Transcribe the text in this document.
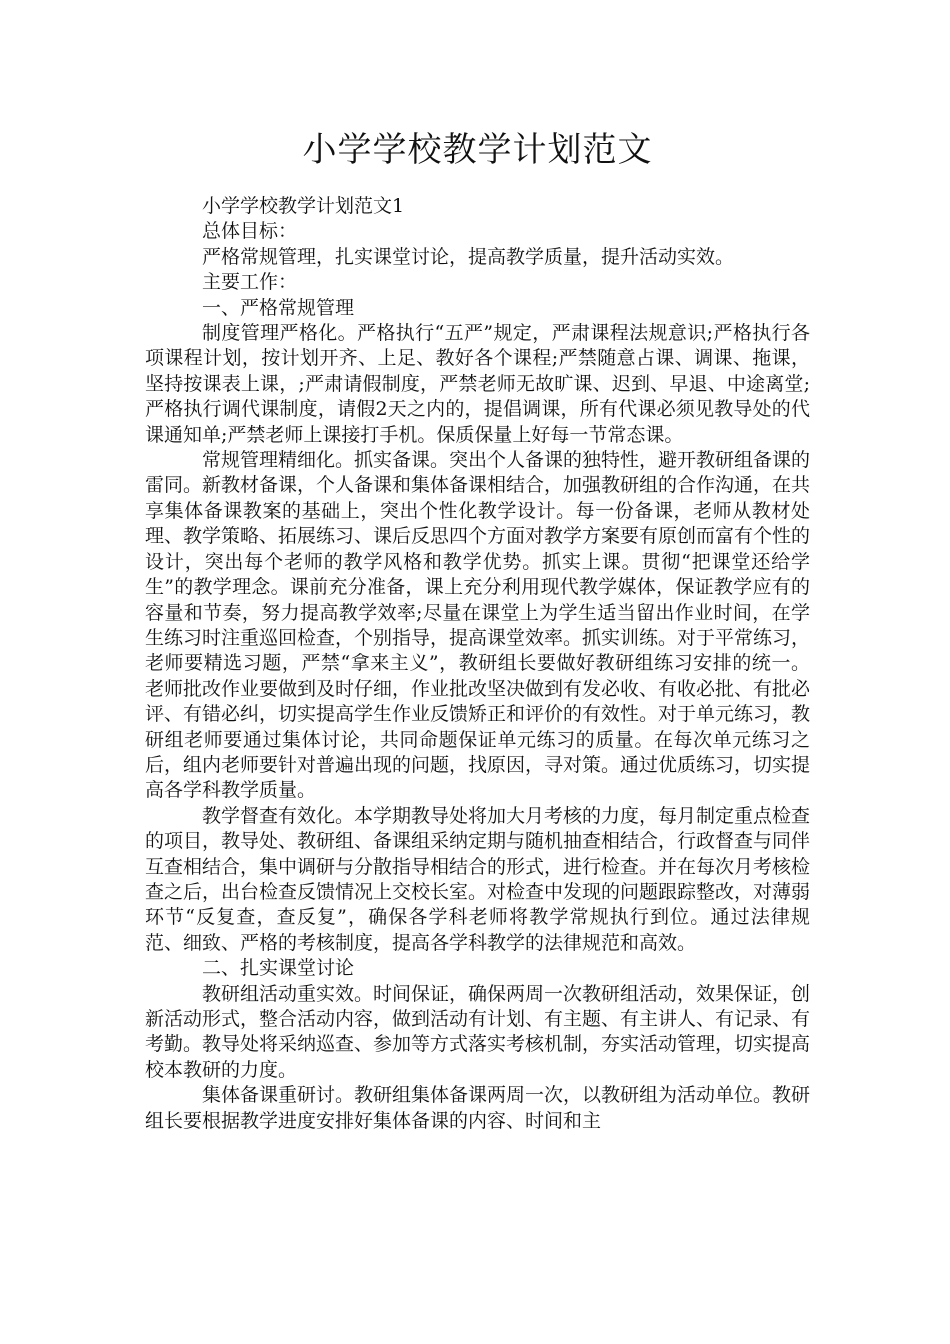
小学学校教学计划范文

小学学校教学计划范文1

总体目标：

严格常规管理，扎实课堂讨论，提高教学质量，提升活动实效。

主要工作：

一、严格常规管理

制度管理严格化。严格执行“五严”规定，严肃课程法规意识;严格执行各项课程计划，按计划开齐、上足、教好各个课程;严禁随意占课、调课、拖课，坚持按课表上课，;严肃请假制度，严禁老师无故旷课、迟到、早退、中途离堂;严格执行调代课制度，请假2天之内的，提倡调课，所有代课必须见教导处的代课通知单;严禁老师上课接打手机。保质保量上好每一节常态课。

常规管理精细化。抓实备课。突出个人备课的独特性，避开教研组备课的雷同。新教材备课，个人备课和集体备课相结合，加强教研组的合作沟通，在共享集体备课教案的基础上，突出个性化教学设计。每一份备课，老师从教材处理、教学策略、拓展练习、课后反思四个方面对教学方案要有原创而富有个性的设计，突出每个老师的教学风格和教学优势。抓实上课。贯彻“把课堂还给学生”的教学理念。课前充分准备，课上充分利用现代教学媒体，保证教学应有的容量和节奏，努力提高教学效率;尽量在课堂上为学生适当留出作业时间，在学生练习时注重巡回检查，个别指导，提高课堂效率。抓实训练。对于平常练习，老师要精选习题，严禁“拿来主义”，教研组长要做好教研组练习安排的统一。老师批改作业要做到及时仔细，作业批改坚决做到有发必收、有收必批、有批必评、有错必纠，切实提高学生作业反馈矫正和评价的有效性。对于单元练习，教研组老师要通过集体讨论，共同命题保证单元练习的质量。在每次单元练习之后，组内老师要针对普遍出现的问题，找原因，寻对策。通过优质练习，切实提高各学科教学质量。

教学督查有效化。本学期教导处将加大月考核的力度，每月制定重点检查的项目，教导处、教研组、备课组采纳定期与随机抽查相结合，行政督查与同伴互查相结合，集中调研与分散指导相结合的形式，进行检查。并在每次月考核检查之后，出台检查反馈情况上交校长室。对检查中发现的问题跟踪整改，对薄弱环节“反复查，查反复”，确保各学科老师将教学常规执行到位。通过法律规范、细致、严格的考核制度，提高各学科教学的法律规范和高效。

二、扎实课堂讨论

教研组活动重实效。时间保证，确保两周一次教研组活动，效果保证，创新活动形式，整合活动内容，做到活动有计划、有主题、有主讲人、有记录、有考勤。教导处将采纳巡查、参加等方式落实考核机制，夯实活动管理，切实提高校本教研的力度。

集体备课重研讨。教研组集体备课两周一次，以教研组为活动单位。教研组长要根据教学进度安排好集体备课的内容、时间和主
